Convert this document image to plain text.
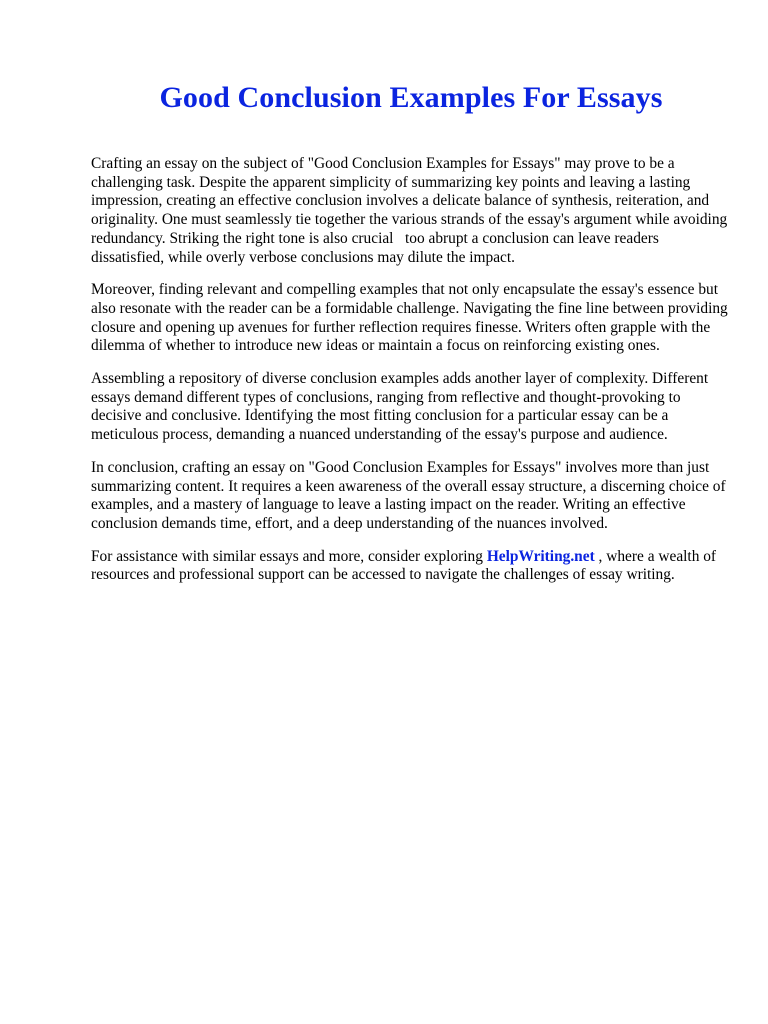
Good Conclusion Examples For Essays

Crafting an essay on the subject of "Good Conclusion Examples for Essays" may prove to be a challenging task. Despite the apparent simplicity of summarizing key points and leaving a lasting impression, creating an effective conclusion involves a delicate balance of synthesis, reiteration, and originality. One must seamlessly tie together the various strands of the essay's argument while avoiding redundancy. Striking the right tone is also crucial   too abrupt a conclusion can leave readers dissatisfied, while overly verbose conclusions may dilute the impact.

Moreover, finding relevant and compelling examples that not only encapsulate the essay's essence but also resonate with the reader can be a formidable challenge. Navigating the fine line between providing closure and opening up avenues for further reflection requires finesse. Writers often grapple with the dilemma of whether to introduce new ideas or maintain a focus on reinforcing existing ones.

Assembling a repository of diverse conclusion examples adds another layer of complexity. Different essays demand different types of conclusions, ranging from reflective and thought-provoking to decisive and conclusive. Identifying the most fitting conclusion for a particular essay can be a meticulous process, demanding a nuanced understanding of the essay's purpose and audience.

In conclusion, crafting an essay on "Good Conclusion Examples for Essays" involves more than just summarizing content. It requires a keen awareness of the overall essay structure, a discerning choice of examples, and a mastery of language to leave a lasting impact on the reader. Writing an effective conclusion demands time, effort, and a deep understanding of the nuances involved.

For assistance with similar essays and more, consider exploring HelpWriting.net , where a wealth of resources and professional support can be accessed to navigate the challenges of essay writing.
